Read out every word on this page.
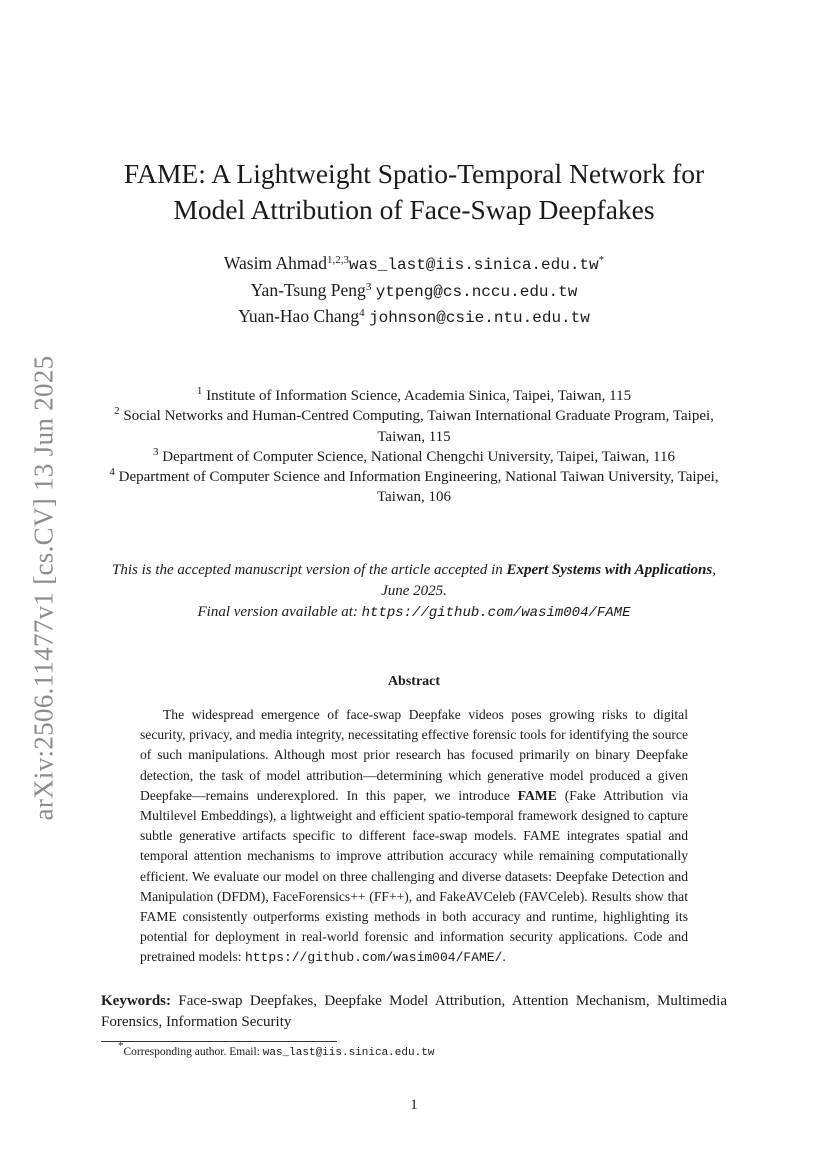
arXiv:2506.11477v1 [cs.CV] 13 Jun 2025
FAME: A Lightweight Spatio-Temporal Network for
Model Attribution of Face-Swap Deepfakes
Wasim Ahmad$^{1,2,3}$was_last@iis.sinica.edu.tw*
Yan-Tsung Peng$^3$ ytpeng@cs.nccu.edu.tw
Yuan-Hao Chang$^4$ johnson@csie.ntu.edu.tw
$^1$ Institute of Information Science, Academia Sinica, Taipei, Taiwan, 115
$^2$ Social Networks and Human-Centred Computing, Taiwan International Graduate Program, Taipei, Taiwan, 115
$^3$ Department of Computer Science, National Chengchi University, Taipei, Taiwan, 116
$^4$ Department of Computer Science and Information Engineering, National Taiwan University, Taipei, Taiwan, 106
This is the accepted manuscript version of the article accepted in Expert Systems with Applications, June 2025.
Final version available at: https://github.com/wasim004/FAME
Abstract
The widespread emergence of face-swap Deepfake videos poses growing risks to digital security, privacy, and media integrity, necessitating effective forensic tools for identifying the source of such manipulations. Although most prior research has focused primarily on binary Deepfake detection, the task of model attribution—determining which generative model produced a given Deepfake—remains underexplored. In this paper, we introduce FAME (Fake Attribution via Multilevel Embeddings), a lightweight and efficient spatio-temporal framework designed to capture subtle generative artifacts specific to different face-swap models. FAME integrates spatial and temporal attention mechanisms to improve attribution accuracy while remaining computationally efficient. We evaluate our model on three challenging and diverse datasets: Deepfake Detection and Manipulation (DFDM), FaceForensics++ (FF++), and FakeAVCeleb (FAVCeleb). Results show that FAME consistently outperforms existing methods in both accuracy and runtime, highlighting its potential for deployment in real-world forensic and information security applications. Code and pretrained models: https://github.com/wasim004/FAME/.
Keywords: Face-swap Deepfakes, Deepfake Model Attribution, Attention Mechanism, Multimedia Forensics, Information Security
*Corresponding author. Email: was_last@iis.sinica.edu.tw
1
